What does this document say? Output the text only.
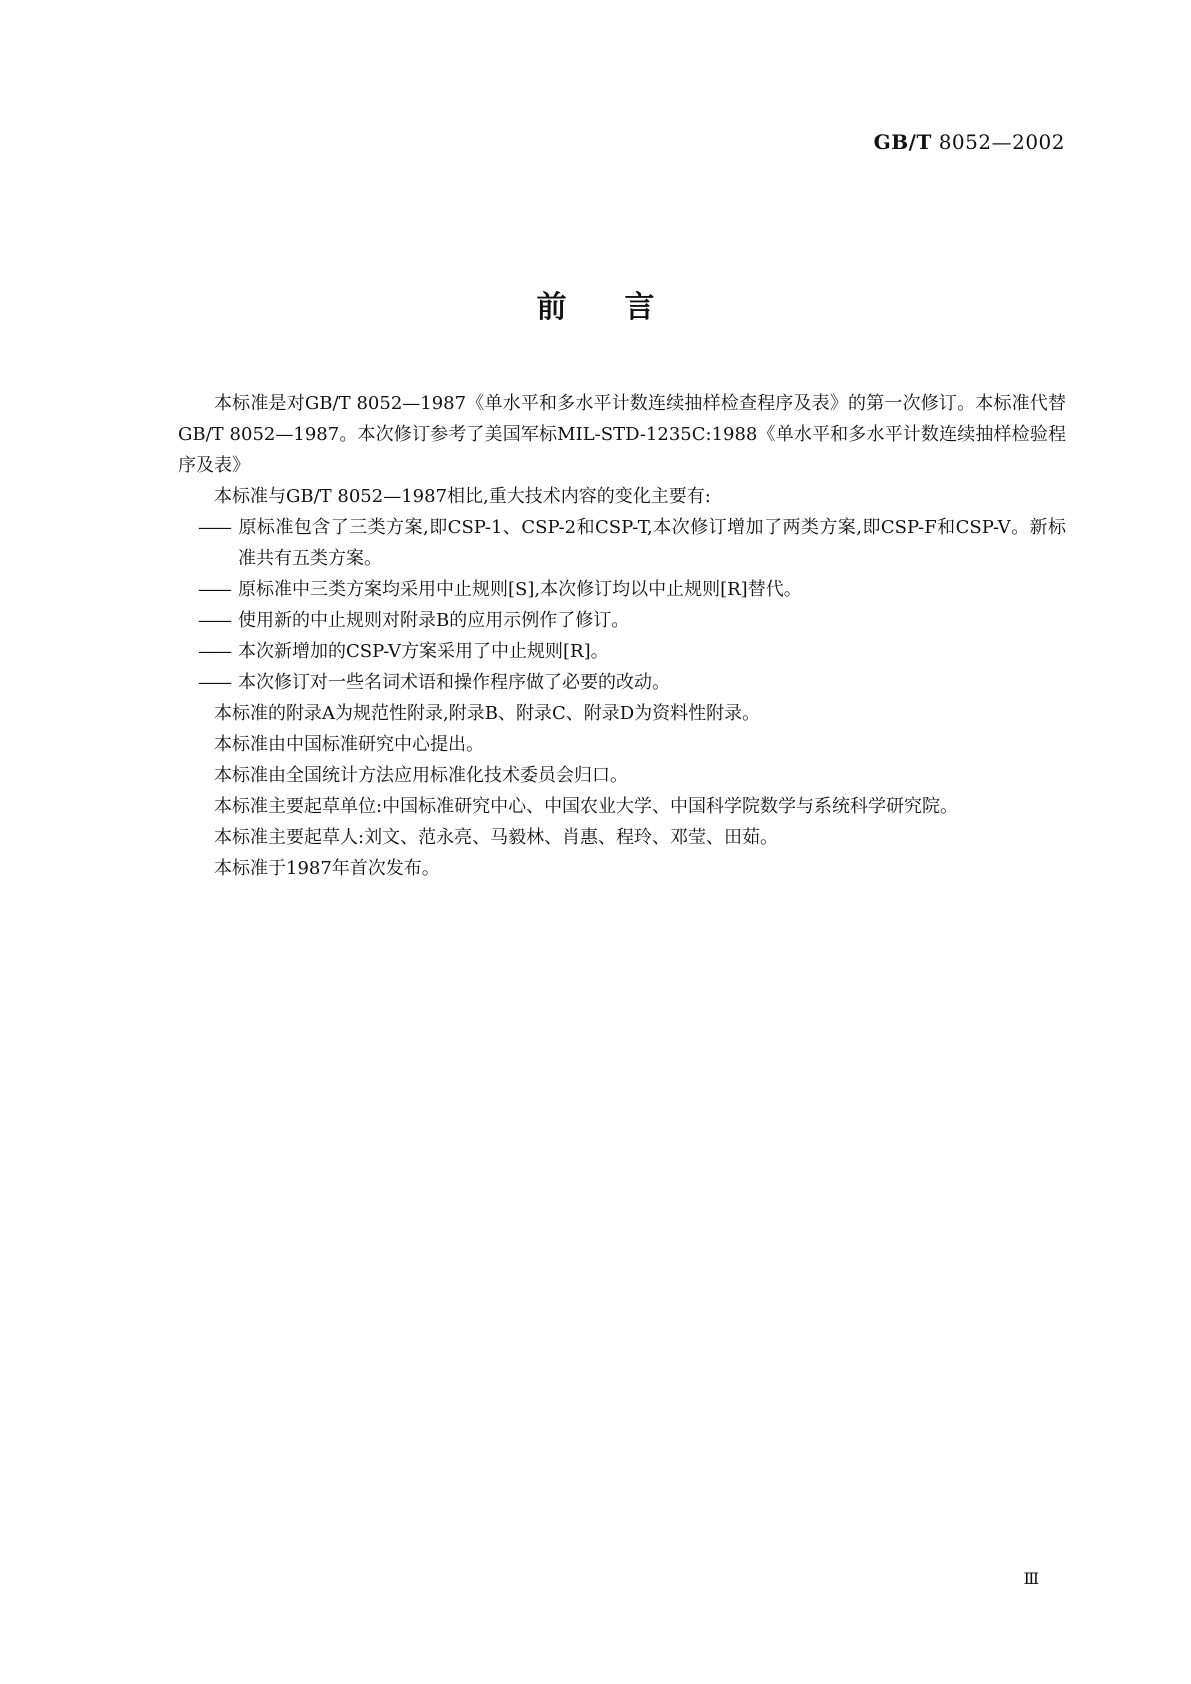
GB/T 8052—2002
前言

本标准是对GB/T 8052—1987《单水平和多水平计数连续抽样检查程序及表》的第一次修订。本标准代替GB/T 8052—1987。本次修订参考了美国军标MIL-STD-1235C:1988《单水平和多水平计数连续抽样检验程序及表》

本标准与GB/T 8052—1987相比,重大技术内容的变化主要有:

—— 原标准包含了三类方案,即CSP-1、CSP-2和CSP-T,本次修订增加了两类方案,即CSP-F和CSP-V。新标准共有五类方案。

—— 原标准中三类方案均采用中止规则[S],本次修订均以中止规则[R]替代。

—— 使用新的中止规则对附录B的应用示例作了修订。

—— 本次新增加的CSP-V方案采用了中止规则[R]。

—— 本次修订对一些名词术语和操作程序做了必要的改动。

本标准的附录A为规范性附录,附录B、附录C、附录D为资料性附录。

本标准由中国标准研究中心提出。

本标准由全国统计方法应用标准化技术委员会归口。

本标准主要起草单位:中国标准研究中心、中国农业大学、中国科学院数学与系统科学研究院。

本标准主要起草人:刘文、范永亮、马毅林、肖惠、程玲、邓莹、田茹。

本标准于1987年首次发布。

Ⅲ
